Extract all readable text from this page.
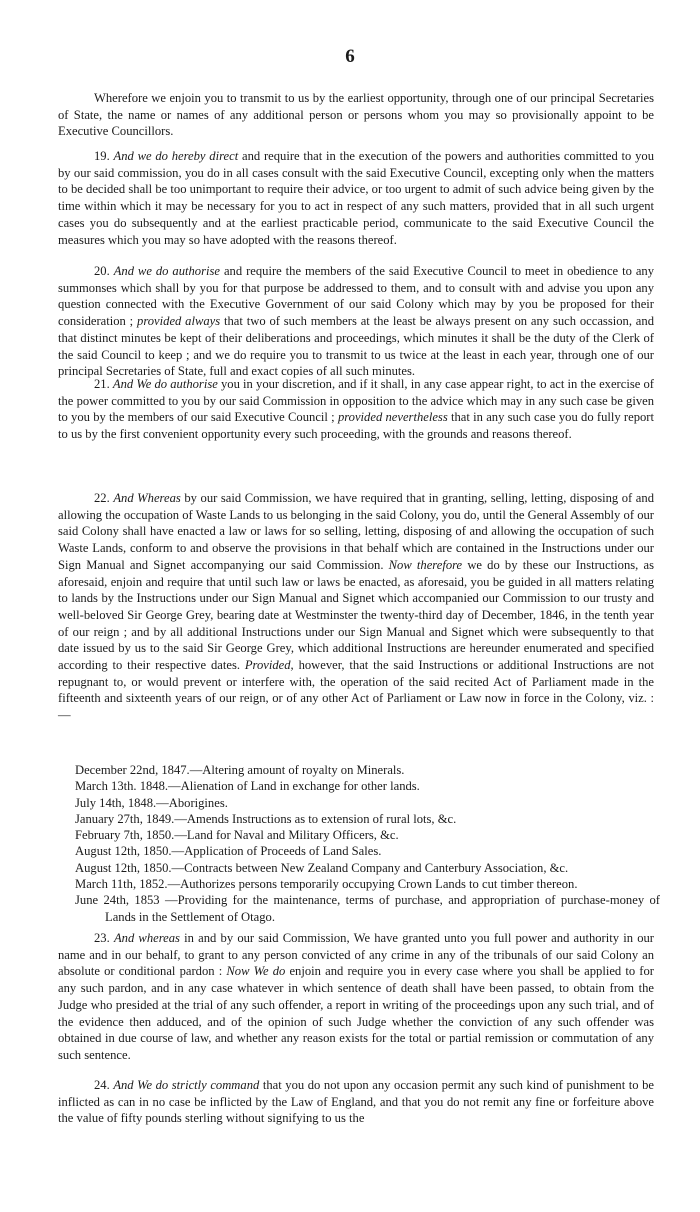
6

Wherefore we enjoin you to transmit to us by the earliest opportunity, through one of our principal Secretaries of State, the name or names of any additional person or persons whom you may so provisionally appoint to be Executive Councillors.

19. And we do hereby direct and require that in the execution of the powers and authorities committed to you by our said commission, you do in all cases consult with the said Executive Council, excepting only when the matters to be decided shall be too unimportant to require their advice, or too urgent to admit of such advice being given by the time within which it may be necessary for you to act in respect of any such matters, provided that in all such urgent cases you do subsequently and at the earliest practicable period, communicate to the said Executive Council the measures which you may so have adopted with the reasons thereof.

20. And we do authorise and require the members of the said Executive Council to meet in obedience to any summonses which shall by you for that purpose be addressed to them, and to consult with and advise you upon any question connected with the Executive Government of our said Colony which may by you be proposed for their consideration ; provided always that two of such members at the least be always present on any such occassion, and that distinct minutes be kept of their deliberations and proceedings, which minutes it shall be the duty of the Clerk of the said Council to keep ; and we do require you to transmit to us twice at the least in each year, through one of our principal Secretaries of State, full and exact copies of all such minutes.

21. And We do authorise you in your discretion, and if it shall, in any case appear right, to act in the exercise of the power committed to you by our said Commission in opposition to the advice which may in any such case be given to you by the members of our said Executive Council ; provided nevertheless that in any such case you do fully report to us by the first convenient opportunity every such proceeding, with the grounds and reasons thereof.

22. And Whereas by our said Commission, we have required that in granting, selling, letting, disposing of and allowing the occupation of Waste Lands to us belonging in the said Colony, you do, until the General Assembly of our said Colony shall have enacted a law or laws for so selling, letting, disposing of and allowing the occupation of such Waste Lands, conform to and observe the provisions in that behalf which are contained in the Instructions under our Sign Manual and Signet accompanying our said Commission. Now therefore we do by these our Instructions, as aforesaid, enjoin and require that until such law or laws be enacted, as aforesaid, you be guided in all matters relating to lands by the Instructions under our Sign Manual and Signet which accompanied our Commission to our trusty and well-beloved Sir George Grey, bearing date at Westminster the twenty-third day of December, 1846, in the tenth year of our reign ; and by all additional Instructions under our Sign Manual and Signet which were subsequently to that date issued by us to the said Sir George Grey, which additional Instructions are hereunder enumerated and specified according to their respective dates. Provided, however, that the said Instructions or additional Instructions are not repugnant to, or would prevent or interfere with, the operation of the said recited Act of Parliament made in the fifteenth and sixteenth years of our reign, or of any other Act of Parliament or Law now in force in the Colony, viz. :—

December 22nd, 1847.—Altering amount of royalty on Minerals.
March 13th. 1848.—Alienation of Land in exchange for other lands.
July 14th, 1848.—Aborigines.
January 27th, 1849.—Amends Instructions as to extension of rural lots, &c.
February 7th, 1850.—Land for Naval and Military Officers, &c.
August 12th, 1850.—Application of Proceeds of Land Sales.
August 12th, 1850.—Contracts between New Zealand Company and Canterbury Association, &c.
March 11th, 1852.—Authorizes persons temporarily occupying Crown Lands to cut timber thereon.
June 24th, 1853 —Providing for the maintenance, terms of purchase, and appropriation of purchase-money of Lands in the Settlement of Otago.

23. And whereas in and by our said Commission, We have granted unto you full power and authority in our name and in our behalf, to grant to any person convicted of any crime in any of the tribunals of our said Colony an absolute or conditional pardon : Now We do enjoin and require you in every case where you shall be applied to for any such pardon, and in any case whatever in which sentence of death shall have been passed, to obtain from the Judge who presided at the trial of any such offender, a report in writing of the proceedings upon any such trial, and of the evidence then adduced, and of the opinion of such Judge whether the conviction of any such offender was obtained in due course of law, and whether any reason exists for the total or partial remission or commutation of any such sentence.

24. And We do strictly command that you do not upon any occasion permit any such kind of punishment to be inflicted as can in no case be inflicted by the Law of England, and that you do not remit any fine or forfeiture above the value of fifty pounds sterling without signifying to us the
